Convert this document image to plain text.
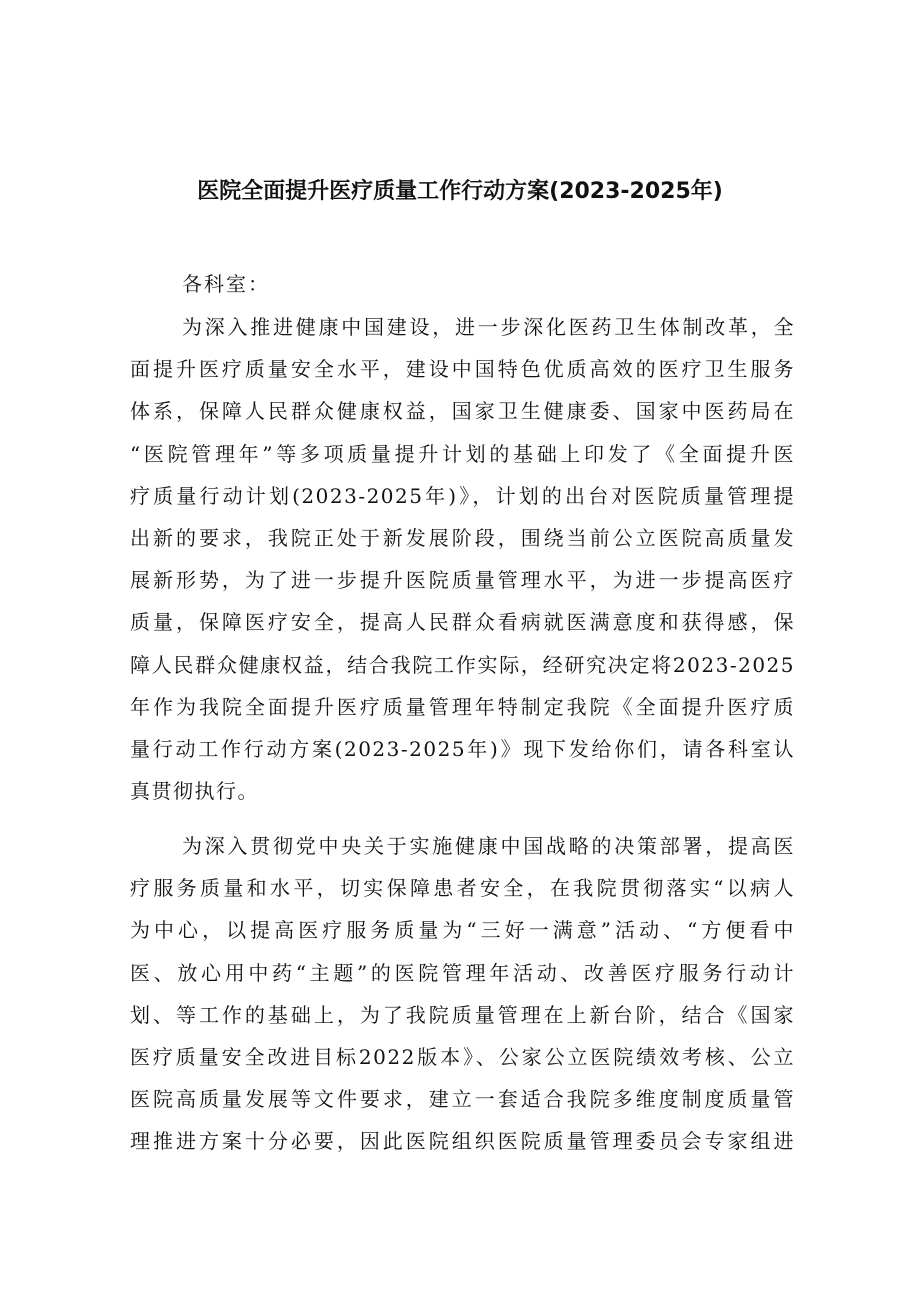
医院全面提升医疗质量工作行动方案(2023-2025年)
各科室：
为深入推进健康中国建设，进一步深化医药卫生体制改革，全
面提升医疗质量安全水平，建设中国特色优质高效的医疗卫生服务
体系，保障人民群众健康权益，国家卫生健康委、国家中医药局在
“医院管理年”等多项质量提升计划的基础上印发了《全面提升医
疗质量行动计划(2023-2025年)》，计划的出台对医院质量管理提
出新的要求，我院正处于新发展阶段，围绕当前公立医院高质量发
展新形势，为了进一步提升医院质量管理水平，为进一步提高医疗
质量，保障医疗安全，提高人民群众看病就医满意度和获得感，保
障人民群众健康权益，结合我院工作实际，经研究决定将2023-2025
年作为我院全面提升医疗质量管理年特制定我院《全面提升医疗质
量行动工作行动方案(2023-2025年)》现下发给你们，请各科室认
真贯彻执行。
为深入贯彻党中央关于实施健康中国战略的决策部署，提高医
疗服务质量和水平，切实保障患者安全，在我院贯彻落实“以病人
为中心，以提高医疗服务质量为“三好一满意”活动、“方便看中
医、放心用中药“主题”的医院管理年活动、改善医疗服务行动计
划、等工作的基础上，为了我院质量管理在上新台阶，结合《国家
医疗质量安全改进目标2022版本》、公家公立医院绩效考核、公立
医院高质量发展等文件要求，建立一套适合我院多维度制度质量管
理推进方案十分必要，因此医院组织医院质量管理委员会专家组进
